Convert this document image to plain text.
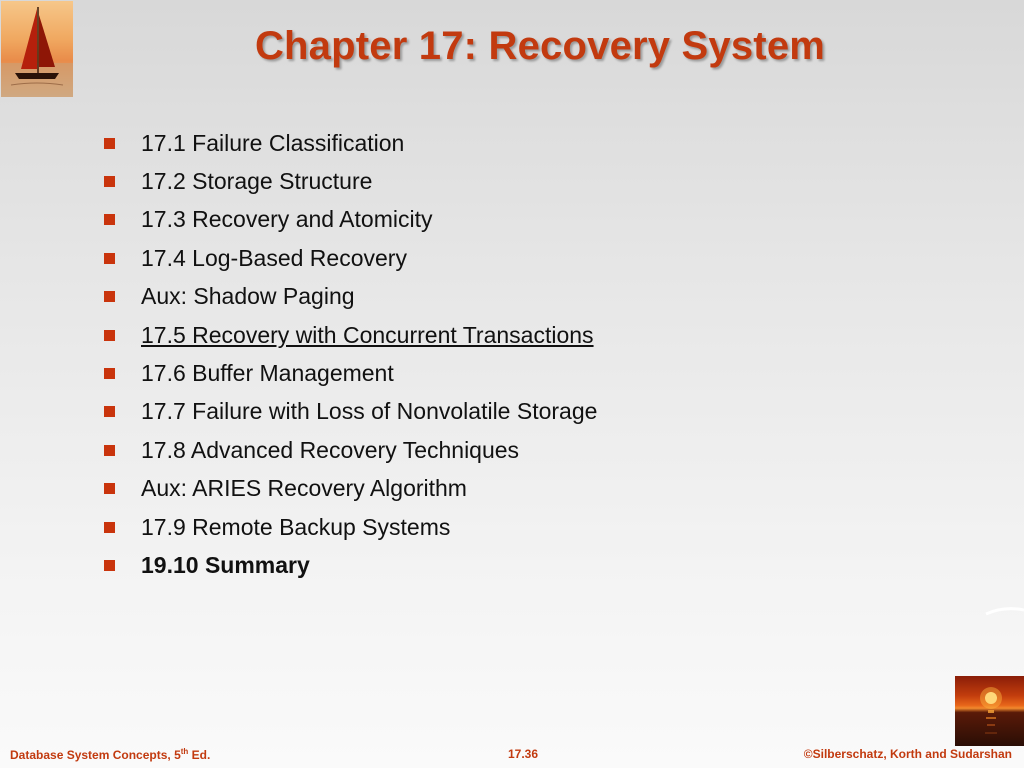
Chapter 17: Recovery System
17.1 Failure Classification
17.2 Storage Structure
17.3 Recovery and Atomicity
17.4 Log-Based Recovery
Aux: Shadow Paging
17.5 Recovery with Concurrent Transactions
17.6 Buffer Management
17.7 Failure with Loss of Nonvolatile Storage
17.8 Advanced Recovery Techniques
Aux: ARIES Recovery Algorithm
17.9 Remote Backup Systems
19.10 Summary
Database System Concepts, 5th Ed.	17.36	©Silberschatz, Korth and Sudarshan
